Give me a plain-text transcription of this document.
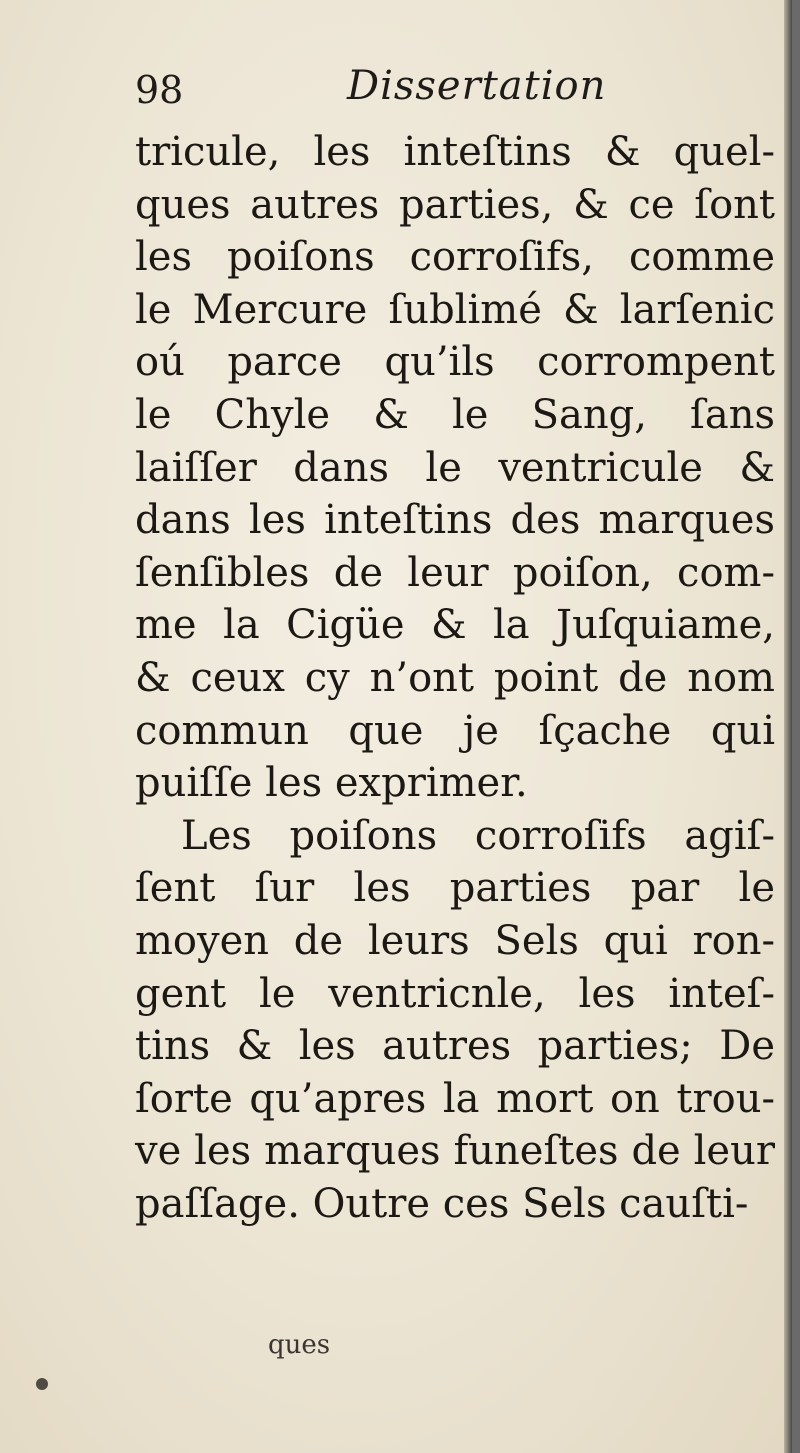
98	Dissertation
tricule, les inteſtins & quel-
ques autres parties, & ce ſont
les poiſons corroſifs, comme
le Mercure ſublimé & larſenic
oú parce qu’ils corrompent
le Chyle & le Sang, ſans
laiſſer dans le ventricule &
dans les inteſtins des marques
ſenſibles de leur poiſon, com-
me la Cigüe & la Juſquiame,
& ceux cy n’ont point de nom
commun que je ſçache qui
puiſſe les exprimer.
Les poiſons corroſifs agiſ-
ſent ſur les parties par le
moyen de leurs Sels qui ron-
gent le ventricnle, les inteſ-
tins & les autres parties; De
ſorte qu’apres la mort on trou-
ve les marques funeſtes de leur
paſſage. Outre ces Sels cauſti-
ques
